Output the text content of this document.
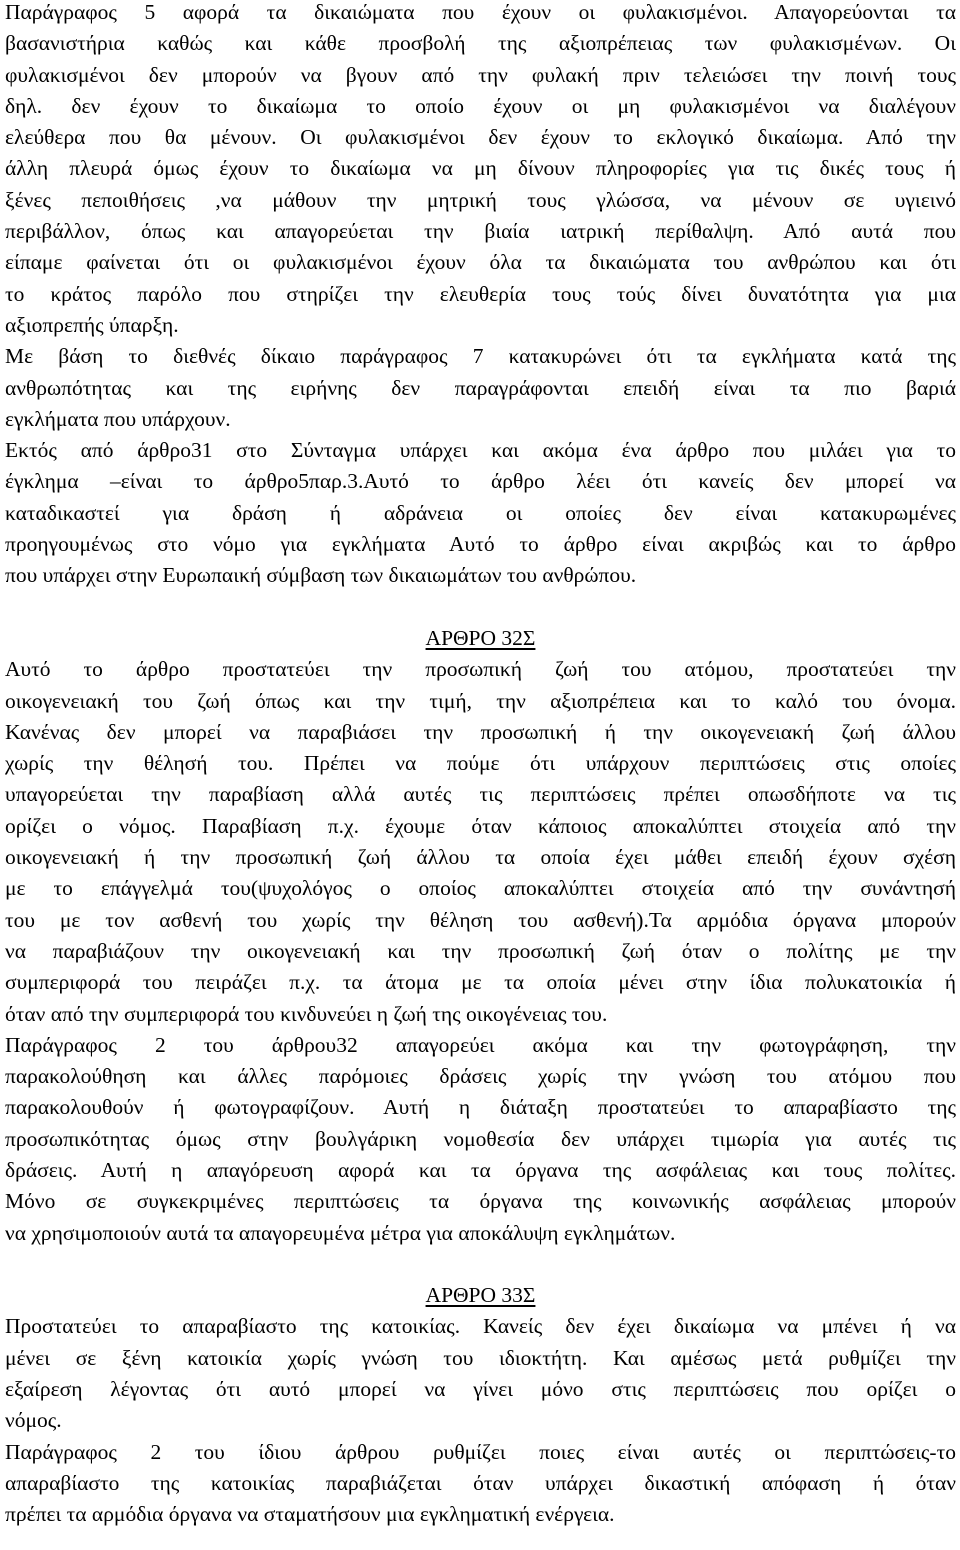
Παράγραφος 5 αφορά τα δικαιώματα που έχουν οι φυλακισμένοι. Απαγορεύονται τα
βασανιστήρια καθώς και κάθε προσβολή της αξιοπρέπειας των φυλακισμένων. Οι
φυλακισμένοι δεν μπορούν να βγουν από την φυλακή πριν τελειώσει την ποινή τους
δηλ. δεν έχουν το δικαίωμα το οποίο έχουν οι μη φυλακισμένοι να διαλέγουν
ελεύθερα που θα μένουν. Οι φυλακισμένοι δεν έχουν το εκλογικό δικαίωμα. Από την
άλλη πλευρά όμως έχουν το δικαίωμα να μη δίνουν πληροφορίες για τις δικές τους ή
ξένες πεποιθήσεις ,να μάθουν την μητρική τους γλώσσα, να μένουν σε υγιεινό
περιβάλλον, όπως και απαγορεύεται την βιαία ιατρική περίθαλψη. Από αυτά που
είπαμε φαίνεται ότι οι φυλακισμένοι έχουν όλα τα δικαιώματα του ανθρώπου και ότι
το κράτος παρόλο που στηρίζει την ελευθερία τους τούς δίνει δυνατότητα για μια
αξιοπρεπής ύπαρξη.
Με βάση το διεθνές δίκαιο παράγραφος 7 κατακυρώνει ότι τα εγκλήματα κατά της
ανθρωπότητας και της ειρήνης δεν παραγράφονται επειδή είναι τα πιο βαριά
εγκλήματα που υπάρχουν.
Εκτός από άρθρο31 στο Σύνταγμα υπάρχει και ακόμα ένα άρθρο που μιλάει για το
έγκλημα –είναι το άρθρο5παρ.3.Αυτό το άρθρο λέει ότι κανείς δεν μπορεί να
καταδικαστεί για δράση ή αδράνεια οι οποίες δεν είναι κατακυρωμένες
προηγουμένως στο νόμο για εγκλήματα Αυτό το άρθρο είναι ακριβώς και το άρθρο
που υπάρχει στην Ευρωπαική σύμβαση των δικαιωμάτων του ανθρώπου.
ΑΡΘΡΟ 32Σ
Αυτό το άρθρο προστατεύει την προσωπική ζωή του ατόμου, προστατεύει την
οικογενειακή του ζωή όπως και την τιμή, την αξιοπρέπεια και το καλό του όνομα.
Κανένας δεν μπορεί να παραβιάσει την προσωπική ή την οικογενειακή ζωή άλλου
χωρίς την θέλησή του. Πρέπει να πούμε ότι υπάρχουν περιπτώσεις στις οποίες
υπαγορεύεται την παραβίαση αλλά αυτές τις περιπτώσεις πρέπει οπωσδήποτε να τις
ορίζει ο νόμος. Παραβίαση π.χ. έχουμε όταν κάποιος αποκαλύπτει στοιχεία από την
οικογενειακή ή την προσωπική ζωή άλλου τα οποία έχει μάθει επειδή έχουν σχέση
με το επάγγελμά του(ψυχολόγος ο οποίος αποκαλύπτει στοιχεία από την συνάντησή
του με τον ασθενή του χωρίς την θέληση του ασθενή).Τα αρμόδια όργανα μπορούν
να παραβιάζουν την οικογενειακή και την προσωπική ζωή όταν ο πολίτης με την
συμπεριφορά του πειράζει π.χ. τα άτομα με τα οποία μένει στην ίδια πολυκατοικία ή
όταν από την συμπεριφορά του κινδυνεύει η ζωή της οικογένειας του.
Παράγραφος 2 του άρθρου32 απαγορεύει ακόμα και την φωτογράφηση, την
παρακολούθηση και άλλες παρόμοιες δράσεις χωρίς την γνώση του ατόμου που
παρακολουθούν ή φωτογραφίζουν. Αυτή η διάταξη προστατεύει το απαραβίαστο της
προσωπικότητας όμως στην βουλγάρικη νομοθεσία δεν υπάρχει τιμωρία για αυτές τις
δράσεις. Αυτή η απαγόρευση αφορά και τα όργανα της ασφάλειας και τους πολίτες.
Μόνο σε συγκεκριμένες περιπτώσεις τα όργανα της κοινωνικής ασφάλειας μπορούν
να χρησιμοποιούν αυτά τα απαγορευμένα μέτρα για αποκάλυψη εγκλημάτων.
ΑΡΘΡΟ 33Σ
Προστατεύει το απαραβίαστο της κατοικίας. Κανείς δεν έχει δικαίωμα να μπένει ή να
μένει σε ξένη κατοικία χωρίς γνώση του ιδιοκτήτη. Και αμέσως μετά ρυθμίζει την
εξαίρεση λέγοντας ότι αυτό μπορεί να γίνει μόνο στις περιπτώσεις που ορίζει ο
νόμος.
Παράγραφος 2 του ίδιου άρθρου ρυθμίζει ποιες είναι αυτές οι περιπτώσεις-το
απαραβίαστο της κατοικίας παραβιάζεται όταν υπάρχει δικαστική απόφαση ή όταν
πρέπει τα αρμόδια όργανα να σταματήσουν μια εγκληματική ενέργεια.
